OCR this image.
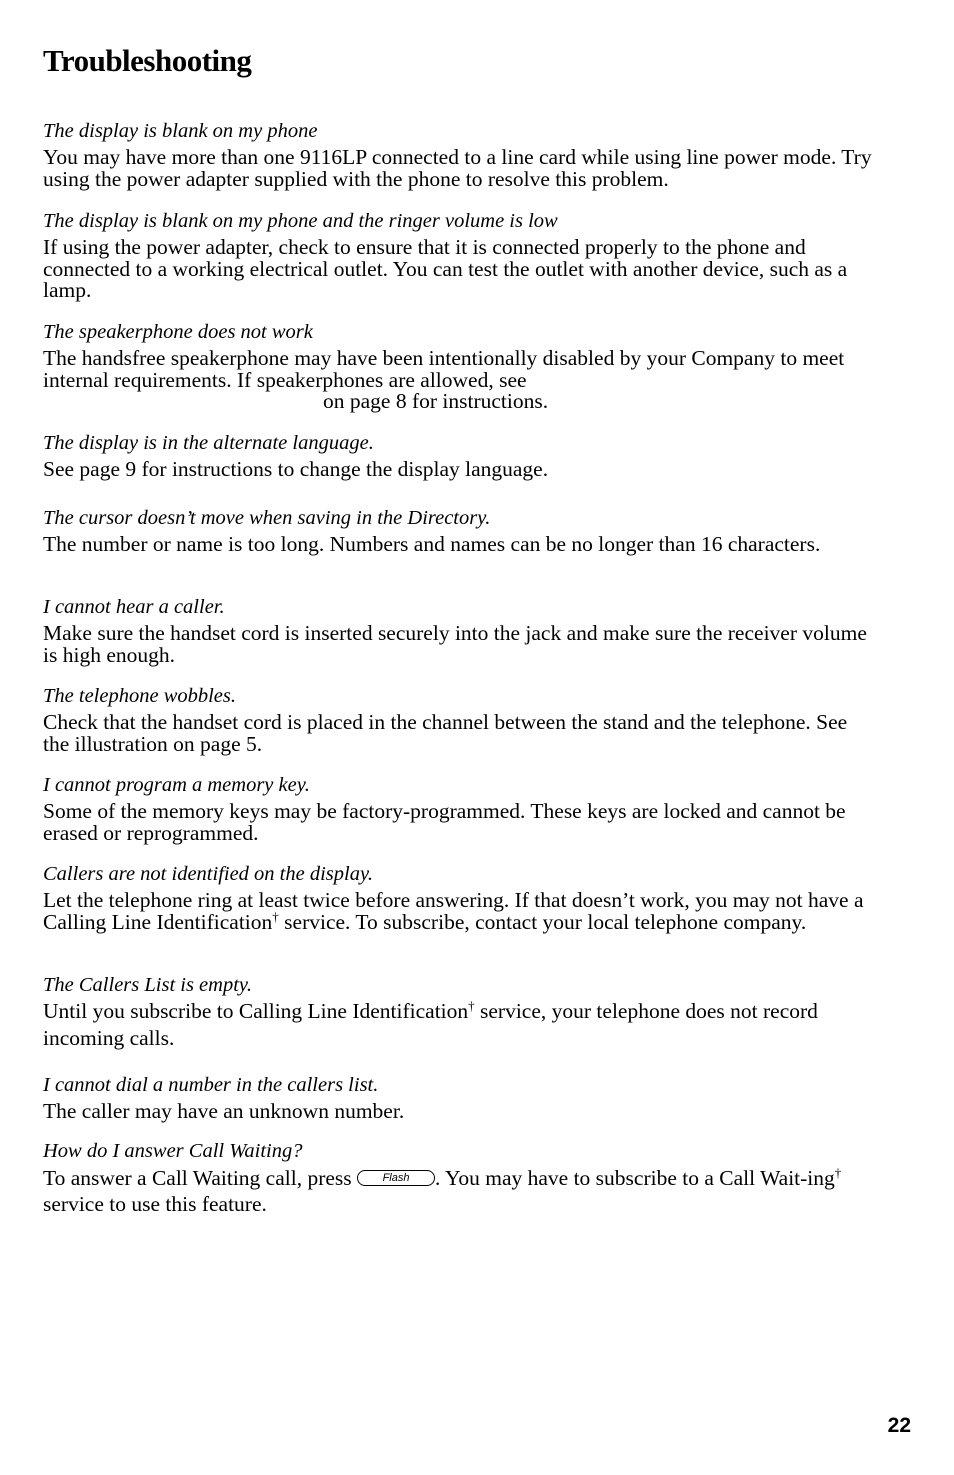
Troubleshooting
The display is blank on my phone
You may have more than one 9116LP connected to a line card while using line power mode. Try using the power adapter supplied with the phone to resolve this problem.
The display is blank on my phone and the ringer volume is low
If using the power adapter, check to ensure that it is connected properly to the phone and connected to a working electrical outlet. You can test the outlet with another device, such as a lamp.
The speakerphone does not work
The handsfree speakerphone may have been intentionally disabled by your Company to meet internal requirements. If speakerphones are allowed, see
on page 8 for instructions.
The display is in the alternate language.
See page 9 for instructions to change the display language.
The cursor doesn’t move when saving in the Directory.
The number or name is too long. Numbers and names can be no longer than 16 characters.
I cannot hear a caller.
Make sure the handset cord is inserted securely into the jack and make sure the receiver volume is high enough.
The telephone wobbles.
Check that the handset cord is placed in the channel between the stand and the telephone. See the illustration on page 5.
I cannot program a memory key.
Some of the memory keys may be factory-programmed. These keys are locked and cannot be erased or reprogrammed.
Callers are not identified on the display.
Let the telephone ring at least twice before answering. If that doesn’t work, you may not have a Calling Line Identification† service. To subscribe, contact your local telephone company.
The Callers List is empty.
Until you subscribe to Calling Line Identification† service, your telephone does not record incoming calls.
I cannot dial a number in the callers list.
The caller may have an unknown number.
How do I answer Call Waiting?
To answer a Call Waiting call, press Flash . You may have to subscribe to a Call Wait-ing† service to use this feature.
22
